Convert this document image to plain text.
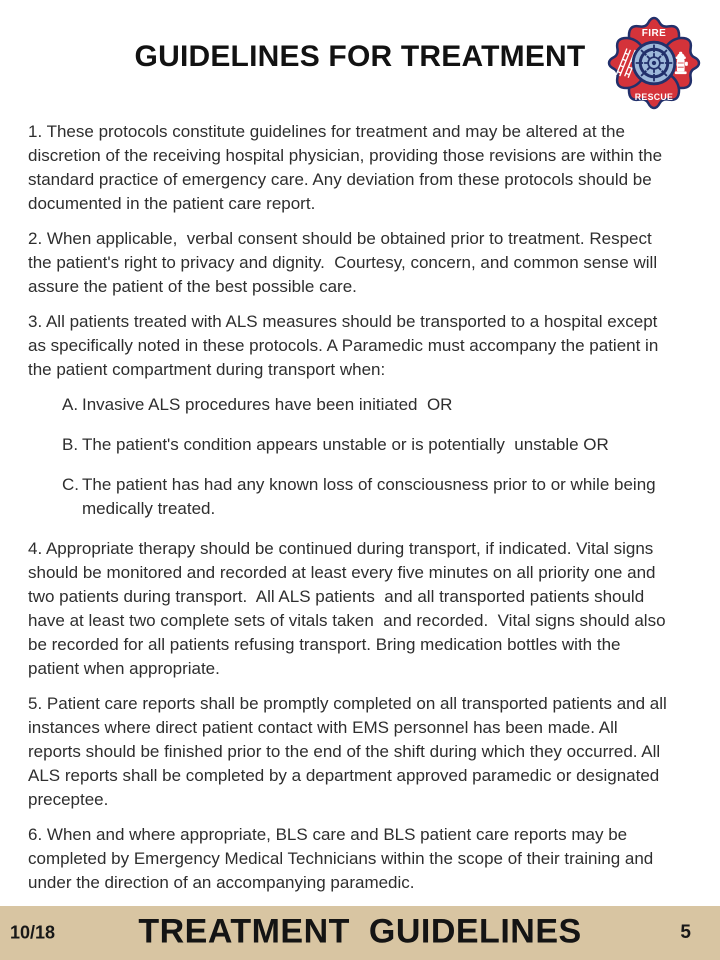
GUIDELINES FOR TREATMENT
FIRE
RESCUE

1. These protocols constitute guidelines for treatment and may be altered at the discretion of the receiving hospital physician, providing those revisions are within the standard practice of emergency care. Any deviation from these protocols should be documented in the patient care report.

2. When applicable,  verbal consent should be obtained prior to treatment. Respect the patient's right to privacy and dignity.  Courtesy, concern, and common sense will assure the patient of the best possible care.

3. All patients treated with ALS measures should be transported to a hospital except as specifically noted in these protocols. A Paramedic must accompany the patient in the patient compartment during transport when:

A. Invasive ALS procedures have been initiated  OR
B. The patient's condition appears unstable or is potentially  unstable OR
C. The patient has had any known loss of consciousness prior to or while being medically treated.

4. Appropriate therapy should be continued during transport, if indicated. Vital signs should be monitored and recorded at least every five minutes on all priority one and two patients during transport.  All ALS patients  and all transported patients should have at least two complete sets of vitals taken  and recorded.  Vital signs should also be recorded for all patients refusing transport. Bring medication bottles with the patient when appropriate.

5. Patient care reports shall be promptly completed on all transported patients and all instances where direct patient contact with EMS personnel has been made. All reports should be finished prior to the end of the shift during which they occurred. All ALS reports shall be completed by a department approved paramedic or designated preceptee.

6. When and where appropriate, BLS care and BLS patient care reports may be completed by Emergency Medical Technicians within the scope of their training and under the direction of an accompanying paramedic.

10/18	TREATMENT GUIDELINES	5
